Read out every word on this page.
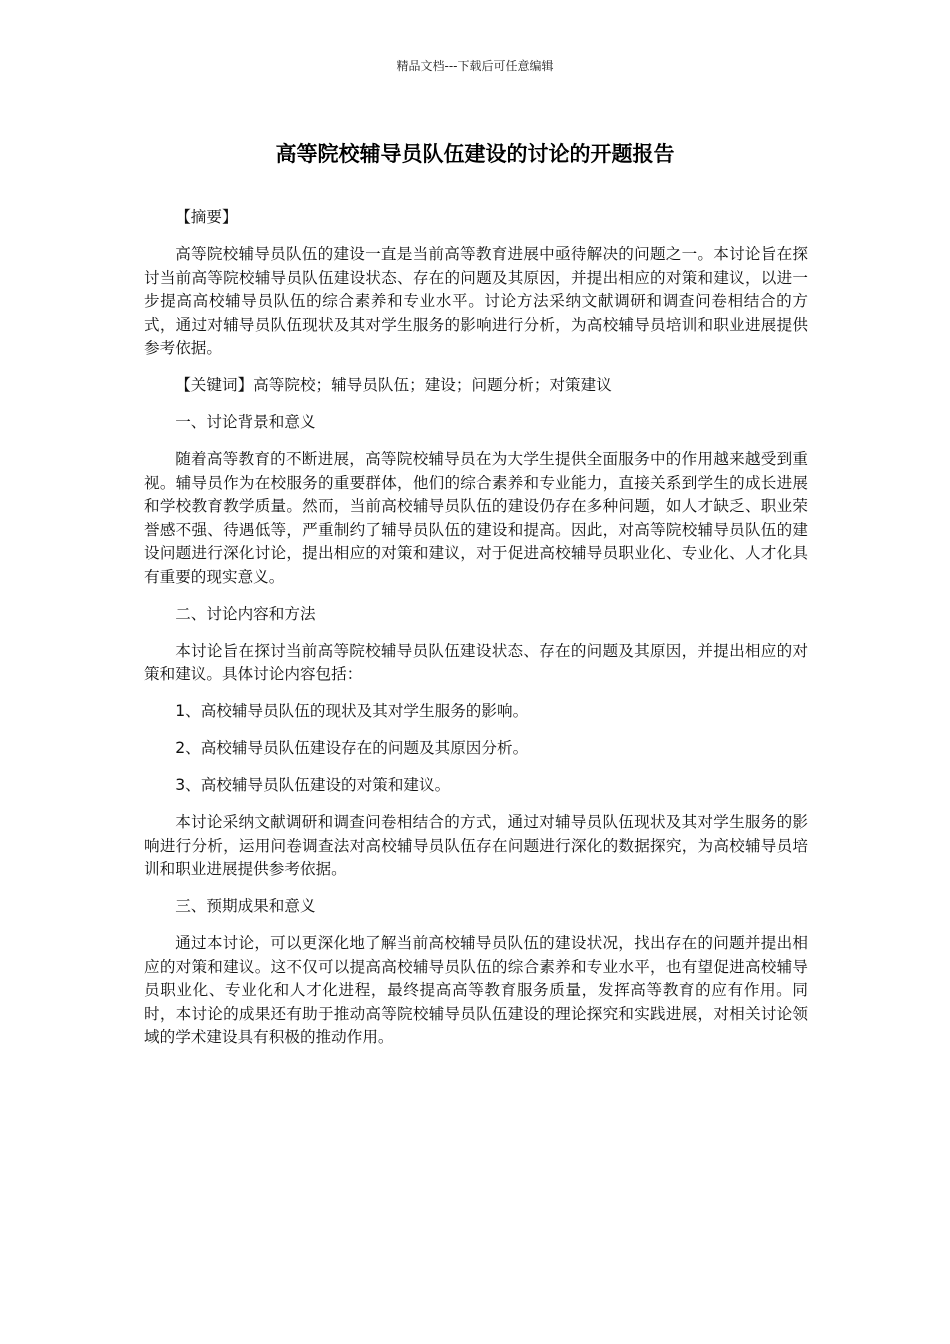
精品文档---下载后可任意编辑
高等院校辅导员队伍建设的讨论的开题报告

【摘要】

高等院校辅导员队伍的建设一直是当前高等教育进展中亟待解决的问题之一。本讨论旨在探讨当前高等院校辅导员队伍建设状态、存在的问题及其原因，并提出相应的对策和建议，以进一步提高高校辅导员队伍的综合素养和专业水平。讨论方法采纳文献调研和调查问卷相结合的方式，通过对辅导员队伍现状及其对学生服务的影响进行分析，为高校辅导员培训和职业进展提供参考依据。

【关键词】高等院校；辅导员队伍；建设；问题分析；对策建议

一、讨论背景和意义

随着高等教育的不断进展，高等院校辅导员在为大学生提供全面服务中的作用越来越受到重视。辅导员作为在校服务的重要群体，他们的综合素养和专业能力，直接关系到学生的成长进展和学校教育教学质量。然而，当前高校辅导员队伍的建设仍存在多种问题，如人才缺乏、职业荣誉感不强、待遇低等，严重制约了辅导员队伍的建设和提高。因此，对高等院校辅导员队伍的建设问题进行深化讨论，提出相应的对策和建议，对于促进高校辅导员职业化、专业化、人才化具有重要的现实意义。

二、讨论内容和方法

本讨论旨在探讨当前高等院校辅导员队伍建设状态、存在的问题及其原因，并提出相应的对策和建议。具体讨论内容包括：

1、高校辅导员队伍的现状及其对学生服务的影响。

2、高校辅导员队伍建设存在的问题及其原因分析。

3、高校辅导员队伍建设的对策和建议。

本讨论采纳文献调研和调查问卷相结合的方式，通过对辅导员队伍现状及其对学生服务的影响进行分析，运用问卷调查法对高校辅导员队伍存在问题进行深化的数据探究，为高校辅导员培训和职业进展提供参考依据。

三、预期成果和意义

通过本讨论，可以更深化地了解当前高校辅导员队伍的建设状况，找出存在的问题并提出相应的对策和建议。这不仅可以提高高校辅导员队伍的综合素养和专业水平，也有望促进高校辅导员职业化、专业化和人才化进程，最终提高高等教育服务质量，发挥高等教育的应有作用。同时，本讨论的成果还有助于推动高等院校辅导员队伍建设的理论探究和实践进展，对相关讨论领域的学术建设具有积极的推动作用。
